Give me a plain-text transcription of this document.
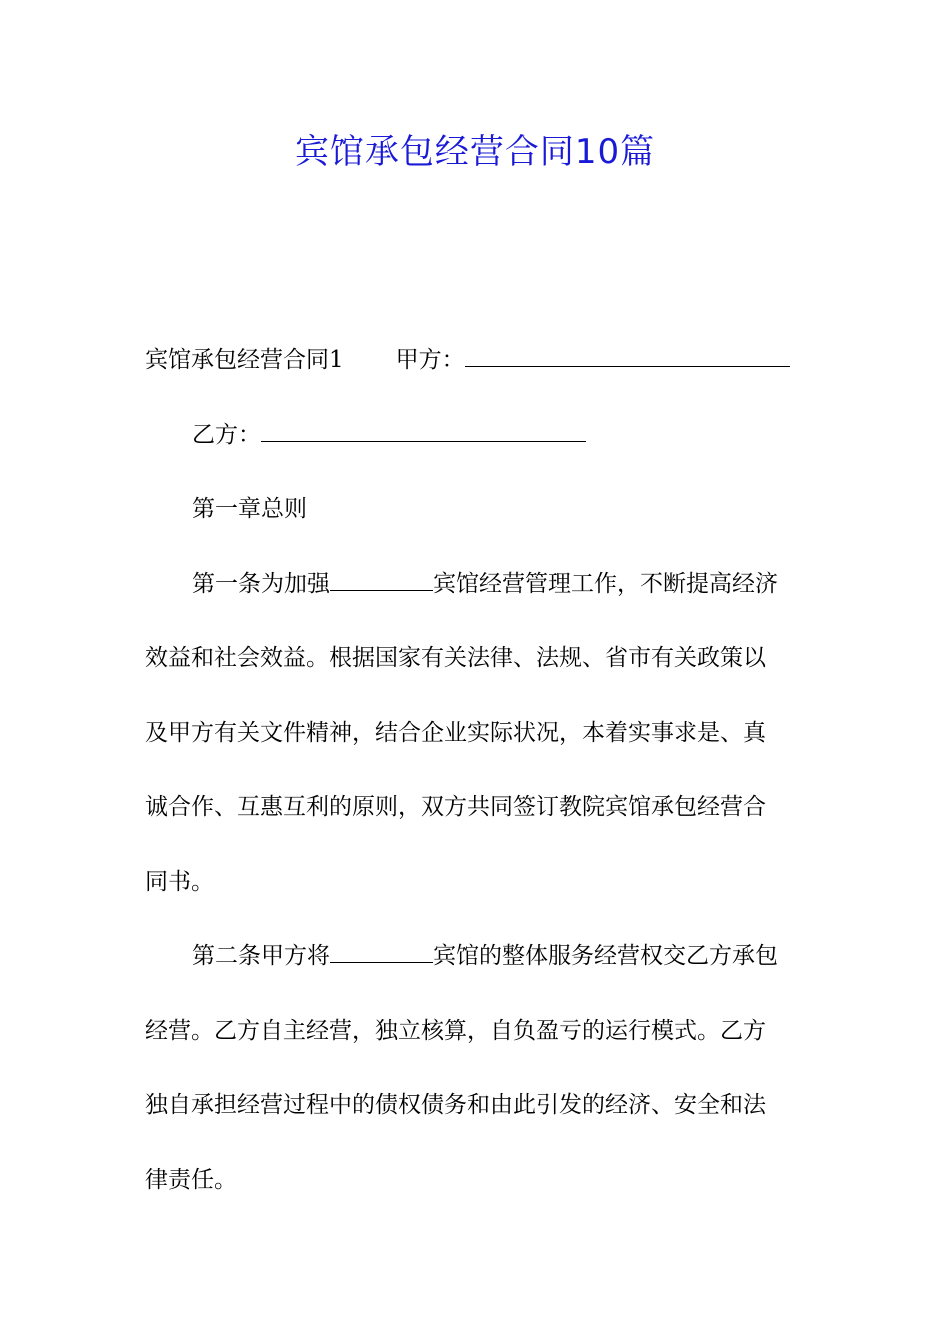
宾馆承包经营合同10篇
宾馆承包经营合同1 甲方：
乙方：
第一章总则
第一条为加强	宾馆经营管理工作，不断提高经济
效益和社会效益。根据国家有关法律、法规、省市有关政策以
及甲方有关文件精神，结合企业实际状况，本着实事求是、真
诚合作、互惠互利的原则，双方共同签订教院宾馆承包经营合
同书。
第二条甲方将	宾馆的整体服务经营权交乙方承包
经营。乙方自主经营，独立核算，自负盈亏的运行模式。乙方
独自承担经营过程中的债权债务和由此引发的经济、安全和法
律责任。
